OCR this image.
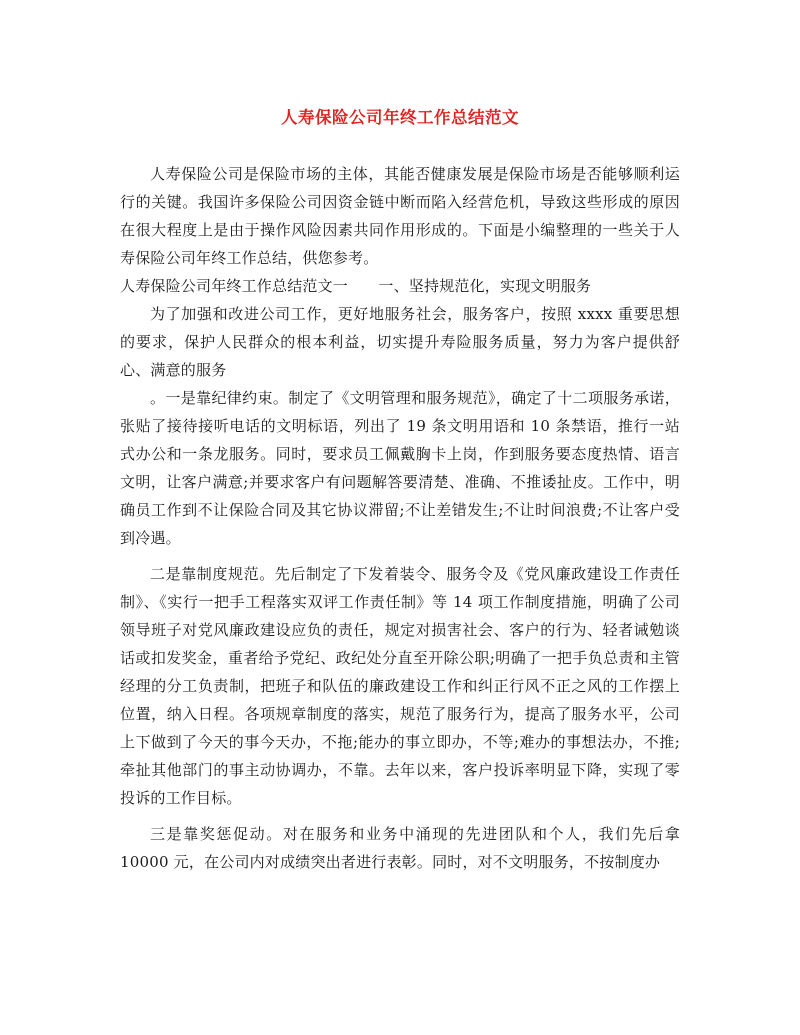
人寿保险公司年终工作总结范文

人寿保险公司是保险市场的主体，其能否健康发展是保险市场是否能够顺利运行的关键。我国许多保险公司因资金链中断而陷入经营危机，导致这些形成的原因在很大程度上是由于操作风险因素共同作用形成的。下面是小编整理的一些关于人寿保险公司年终工作总结，供您参考。

人寿保险公司年终工作总结范文一　　一、坚持规范化，实现文明服务

为了加强和改进公司工作，更好地服务社会，服务客户，按照 xxxx 重要思想的要求，保护人民群众的根本利益，切实提升寿险服务质量，努力为客户提供舒心、满意的服务

。一是靠纪律约束。制定了《文明管理和服务规范》，确定了十二项服务承诺，张贴了接待接听电话的文明标语，列出了 19 条文明用语和 10 条禁语，推行一站式办公和一条龙服务。同时，要求员工佩戴胸卡上岗，作到服务要态度热情、语言文明，让客户满意;并要求客户有问题解答要清楚、准确、不推诿扯皮。工作中，明确员工作到不让保险合同及其它协议滞留;不让差错发生;不让时间浪费;不让客户受到冷遇。

二是靠制度规范。先后制定了下发着装令、服务令及《党风廉政建设工作责任制》、《实行一把手工程落实双评工作责任制》等 14 项工作制度措施，明确了公司领导班子对党风廉政建设应负的责任，规定对损害社会、客户的行为、轻者诫勉谈话或扣发奖金，重者给予党纪、政纪处分直至开除公职;明确了一把手负总责和主管经理的分工负责制，把班子和队伍的廉政建设工作和纠正行风不正之风的工作摆上位置，纳入日程。各项规章制度的落实，规范了服务行为，提高了服务水平，公司上下做到了今天的事今天办，不拖;能办的事立即办，不等;难办的事想法办，不推;牵扯其他部门的事主动协调办，不靠。去年以来，客户投诉率明显下降，实现了零投诉的工作目标。

三是靠奖惩促动。对在服务和业务中涌现的先进团队和个人，我们先后拿 10000 元，在公司内对成绩突出者进行表彰。同时，对不文明服务，不按制度办
